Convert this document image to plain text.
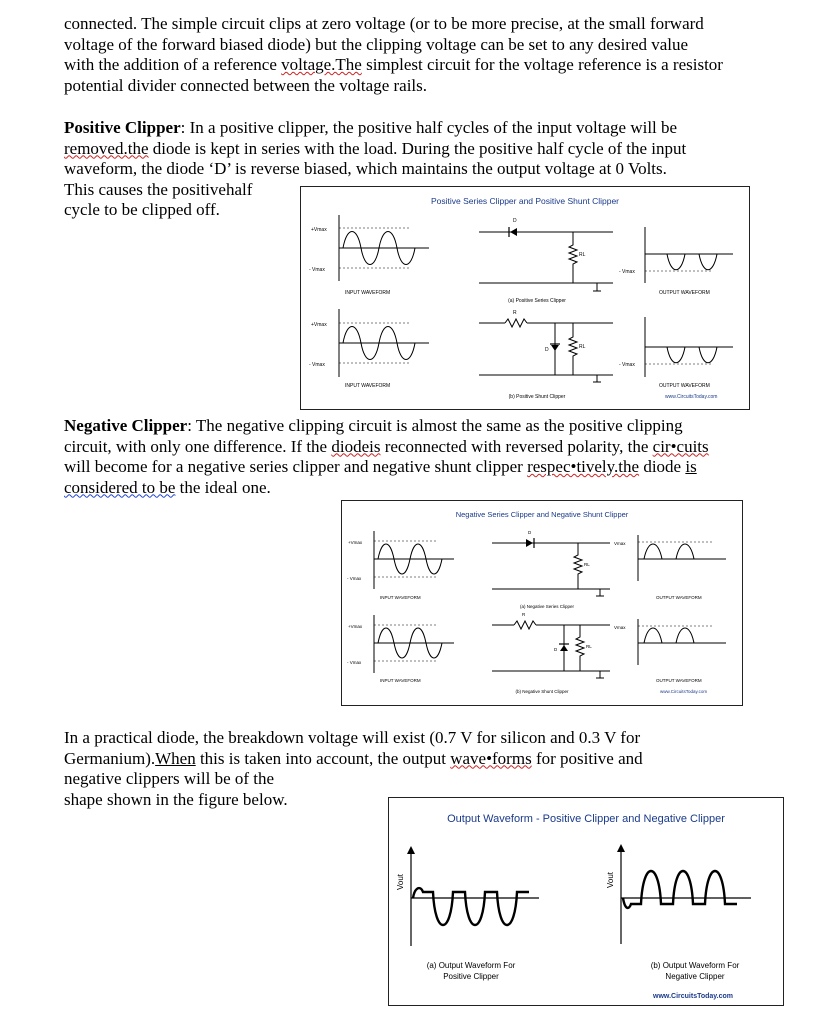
connected. The simple circuit clips at zero voltage (or to be more precise, at the small forward
voltage of the forward biased diode) but the clipping voltage can be set to any desired value
with the addition of a reference voltage.The simplest circuit for the voltage reference is a resistor
potential divider connected between the voltage rails.
Positive Clipper: In a positive clipper, the positive half cycles of the input voltage will be
removed.the diode is kept in series with the load. During the positive half cycle of the input
waveform, the diode ‘D’ is reverse biased, which maintains the output voltage at 0 Volts.
This causes the positivehalf
cycle to be clipped off.	Positive Series Clipper and Positive Shunt Clipper
+Vmax
- Vmax
INPUT WAVEFORM
D
RL
(a) Positive Series Clipper
- Vmax
OUTPUT WAVEFORM
+Vmax
- Vmax
INPUT WAVEFORM
R
D	RL
(b) Positive Shunt Clipper
- Vmax
OUTPUT WAVEFORM
www.CircuitsToday.com
Negative Clipper: The negative clipping circuit is almost the same as the positive clipping
circuit, with only one difference. If the diodeis reconnected with reversed polarity, the cir•cuits
will become for a negative series clipper and negative shunt clipper respec•tively.the diode is
considered to be the ideal one.
Negative Series Clipper and Negative Shunt Clipper
+Vmax
- Vmax
INPUT WAVEFORM
D
RL
(a) Negative Series Clipper
Vmax
OUTPUT WAVEFORM
+Vmax
- Vmax
INPUT WAVEFORM
R
D
RL
(b) Negative Shunt Clipper
Vmax
OUTPUT WAVEFORM
www.CircuitsToday.com
In a practical diode, the breakdown voltage will exist (0.7 V for silicon and 0.3 V for
Germanium).When this is taken into account, the output wave•forms for positive and
negative clippers will be of the
shape shown in the figure below.
Output Waveform - Positive Clipper and Negative Clipper
Vout
(a) Output Waveform For
Positive Clipper
Vout
(b) Output Waveform For
Negative Clipper
www.CircuitsToday.com
